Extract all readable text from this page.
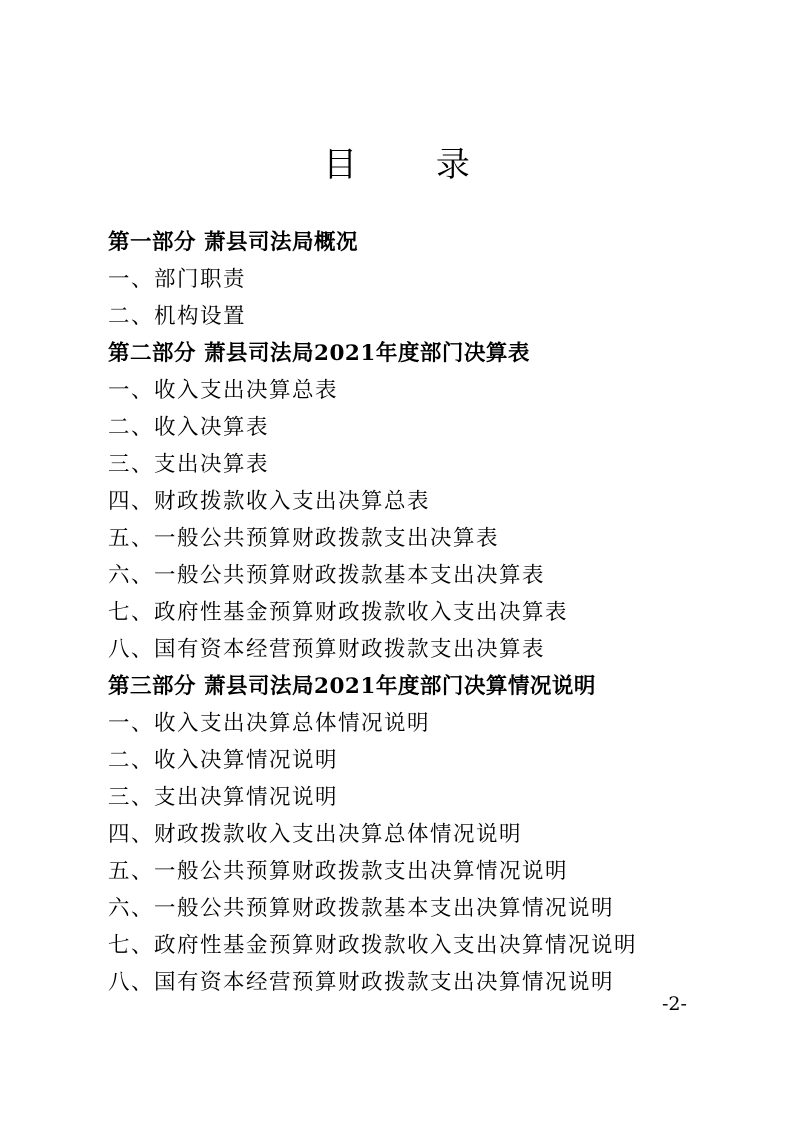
目 录
第一部分 萧县司法局概况
一、部门职责
二、机构设置
第二部分 萧县司法局2021年度部门决算表
一、收入支出决算总表
二、收入决算表
三、支出决算表
四、财政拨款收入支出决算总表
五、一般公共预算财政拨款支出决算表
六、一般公共预算财政拨款基本支出决算表
七、政府性基金预算财政拨款收入支出决算表
八、国有资本经营预算财政拨款支出决算表
第三部分 萧县司法局2021年度部门决算情况说明
一、收入支出决算总体情况说明
二、收入决算情况说明
三、支出决算情况说明
四、财政拨款收入支出决算总体情况说明
五、一般公共预算财政拨款支出决算情况说明
六、一般公共预算财政拨款基本支出决算情况说明
七、政府性基金预算财政拨款收入支出决算情况说明
八、国有资本经营预算财政拨款支出决算情况说明
-2-
